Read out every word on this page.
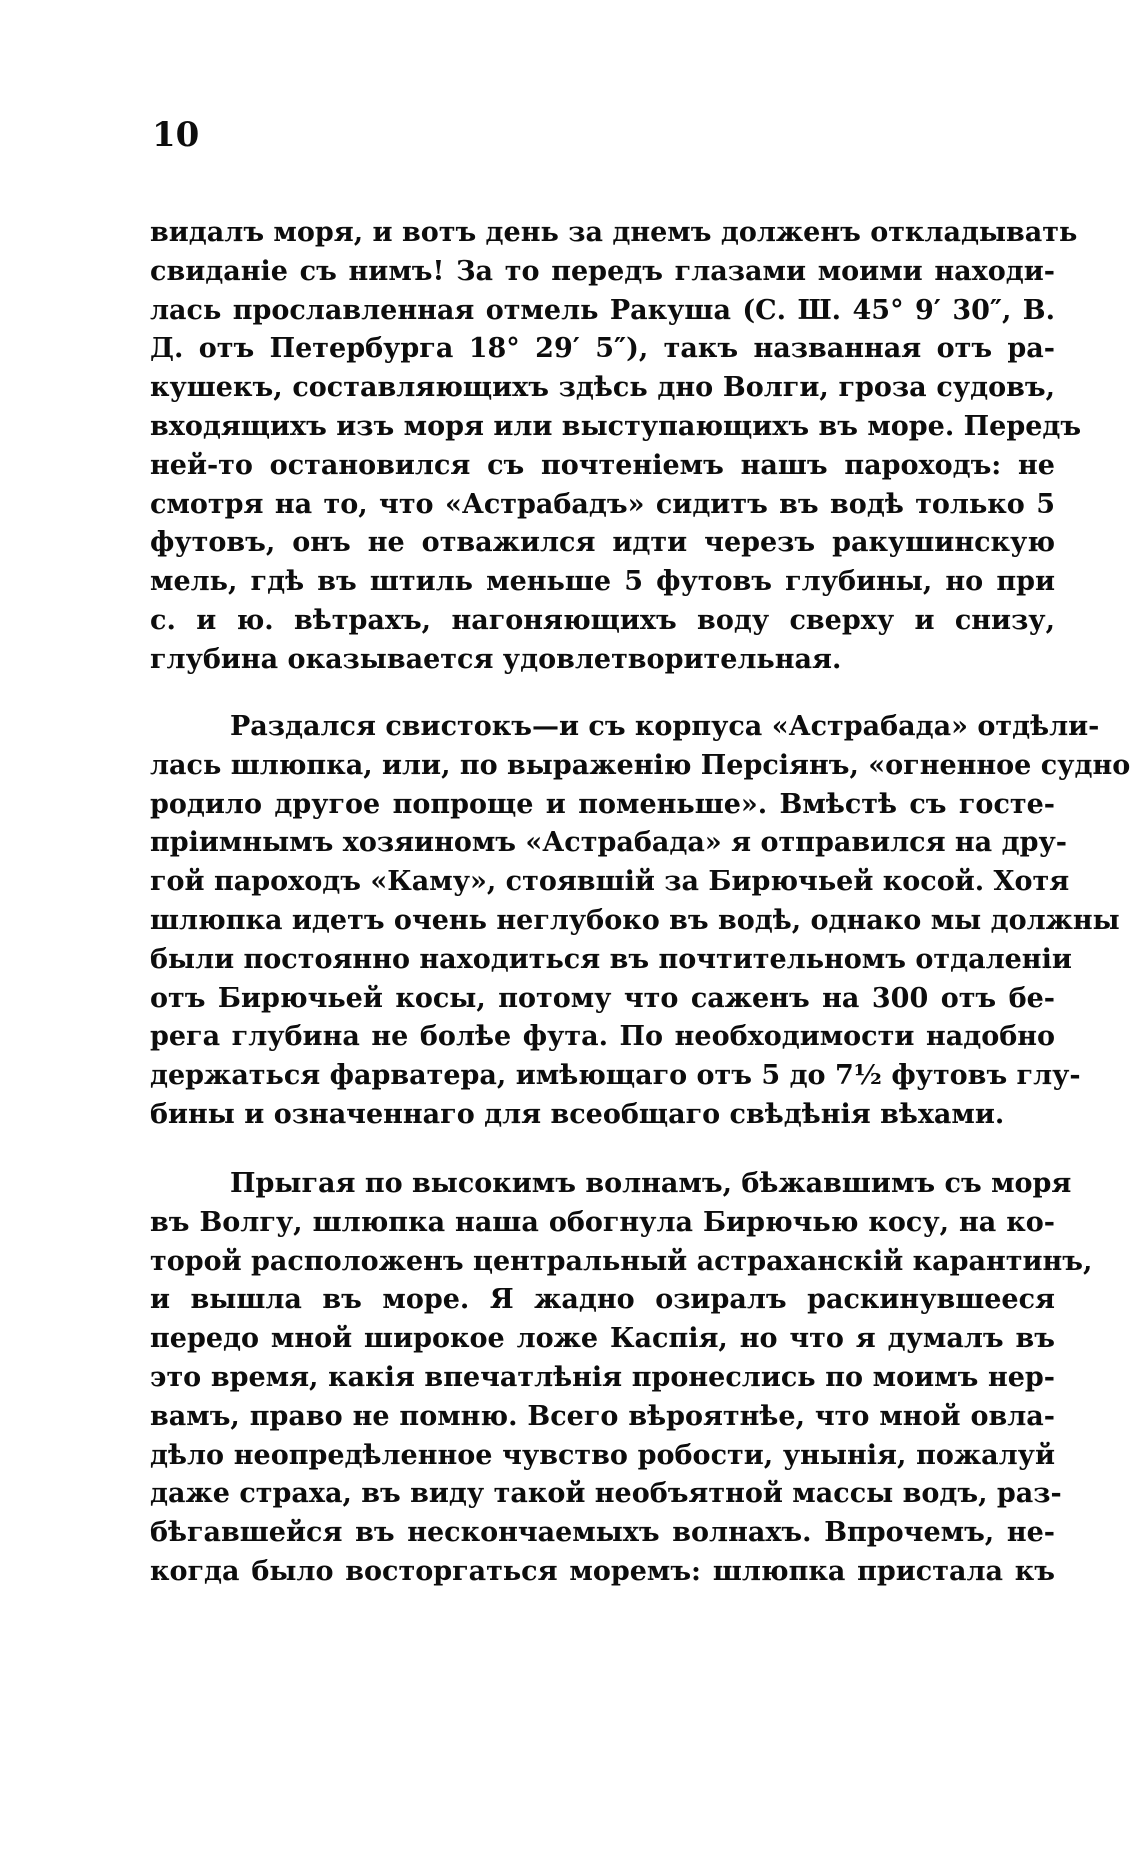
10
видалъ моря, и вотъ день за днемъ долженъ откладывать
свиданіе съ нимъ! За то передъ глазами моими находи-
лась прославленная отмель Ракуша (С. Ш. 45° 9′ 30″, В.
Д. отъ Петербурга 18° 29′ 5″), такъ названная отъ ра-
кушекъ, составляющихъ здѣсь дно Волги, гроза судовъ,
входящихъ изъ моря или выступающихъ въ море. Передъ
ней-то остановился съ почтеніемъ нашъ пароходъ: не
смотря на то, что «Астрабадъ» сидитъ въ водѣ только 5
футовъ, онъ не отважился идти черезъ ракушинскую
мель, гдѣ въ штиль меньше 5 футовъ глубины, но при
с. и ю. вѣтрахъ, нагоняющихъ воду сверху и снизу,
глубина оказывается удовлетворительная.
Раздался свистокъ—и съ корпуса «Астрабада» отдѣли-
лась шлюпка, или, по выраженію Персіянъ, «огненное судно
родило другое попроще и поменьше». Вмѣстѣ съ госте-
пріимнымъ хозяиномъ «Астрабада» я отправился на дру-
гой пароходъ «Каму», стоявшій за Бирючьей косой. Хотя
шлюпка идетъ очень неглубоко въ водѣ, однако мы должны
были постоянно находиться въ почтительномъ отдаленіи
отъ Бирючьей косы, потому что саженъ на 300 отъ бе-
рега глубина не болѣе фута. По необходимости надобно
держаться фарватера, имѣющаго отъ 5 до 7½ футовъ глу-
бины и означеннаго для всеобщаго свѣдѣнія вѣхами.
Прыгая по высокимъ волнамъ, бѣжавшимъ съ моря
въ Волгу, шлюпка наша обогнула Бирючью косу, на ко-
торой расположенъ центральный астраханскій карантинъ,
и вышла въ море. Я жадно озиралъ раскинувшееся
передо мной широкое ложе Каспія, но что я думалъ въ
это время, какія впечатлѣнія пронеслись по моимъ нер-
вамъ, право не помню. Всего вѣроятнѣе, что мной овла-
дѣло неопредѣленное чувство робости, унынія, пожалуй
даже страха, въ виду такой необъятной массы водъ, раз-
бѣгавшейся въ нескончаемыхъ волнахъ. Впрочемъ, не-
когда было восторгаться моремъ: шлюпка пристала къ
